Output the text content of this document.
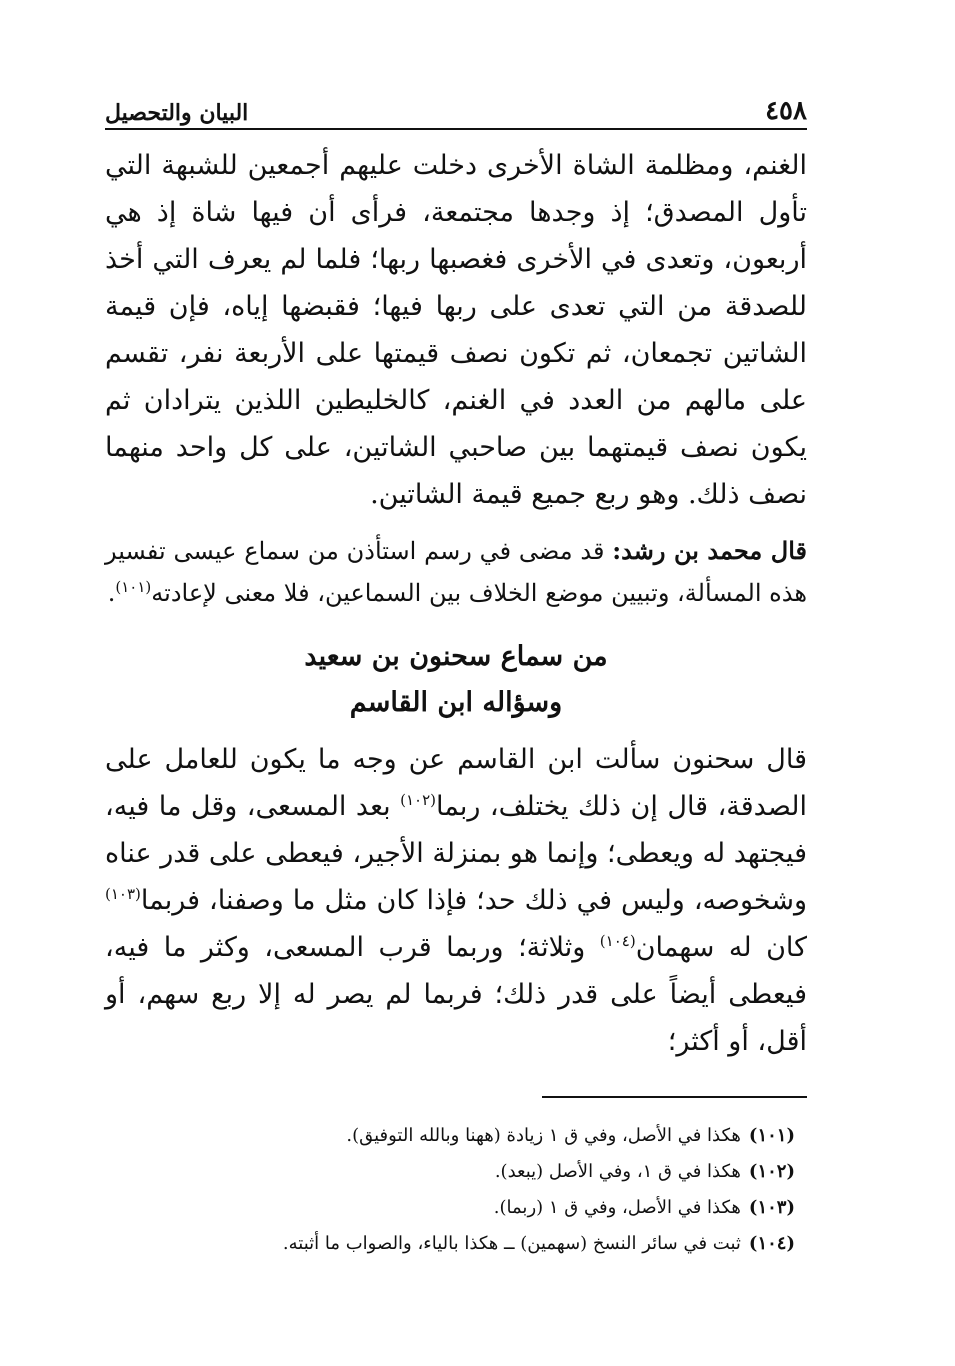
٤٥٨
البيان والتحصيل

الغنم، ومظلمة الشاة الأخرى دخلت عليهم أجمعين للشبهة التي تأول المصدق؛ إذ وجدها مجتمعة، فرأى أن فيها شاة إذ هي أربعون، وتعدى في الأخرى فغصبها ربها؛ فلما لم يعرف التي أخذ للصدقة من التي تعدى على ربها فيها؛ فقبضها إياه، فإن قيمة الشاتين تجمعان، ثم تكون نصف قيمتها على الأربعة نفر، تقسم على مالهم من العدد في الغنم، كالخليطين اللذين يترادان ثم يكون نصف قيمتهما بين صاحبي الشاتين، على كل واحد منهما نصف ذلك. وهو ربع جميع قيمة الشاتين.

قال محمد بن رشد: قد مضى في رسم استأذن من سماع عيسى تفسير هذه المسألة، وتبيين موضع الخلاف بين السماعين، فلا معنى لإعادته$^{(١٠١)}$.

من سماع سحنون بن سعيد
وسؤاله ابن القاسم

قال سحنون سألت ابن القاسم عن وجه ما يكون للعامل على الصدقة، قال إن ذلك يختلف، ربما$^{(١٠٢)}$ بعد المسعى، وقل ما فيه، فيجتهد له ويعطى؛ وإنما هو بمنزلة الأجير، فيعطى على قدر عناه وشخوصه، وليس في ذلك حد؛ فإذا كان مثل ما وصفنا، فربما$^{(١٠٣)}$ كان له سهمان$^{(١٠٤)}$ وثلاثة؛ وربما قرب المسعى، وكثر ما فيه، فيعطى أيضاً على قدر ذلك؛ فربما لم يصر له إلا ربع سهم، أو أقل، أو أكثر؛

(١٠١)هكذا في الأصل، وفي ق ١ زيادة (ههنا وبالله التوفيق).

(١٠٢)هكذا في ق ١، وفي الأصل (يبعد).

(١٠٣)هكذا في الأصل، وفي ق ١ (ربما).

(١٠٤)ثبت في سائر النسخ (سهمين) ــ هكذا بالياء، والصواب ما أثبته.
